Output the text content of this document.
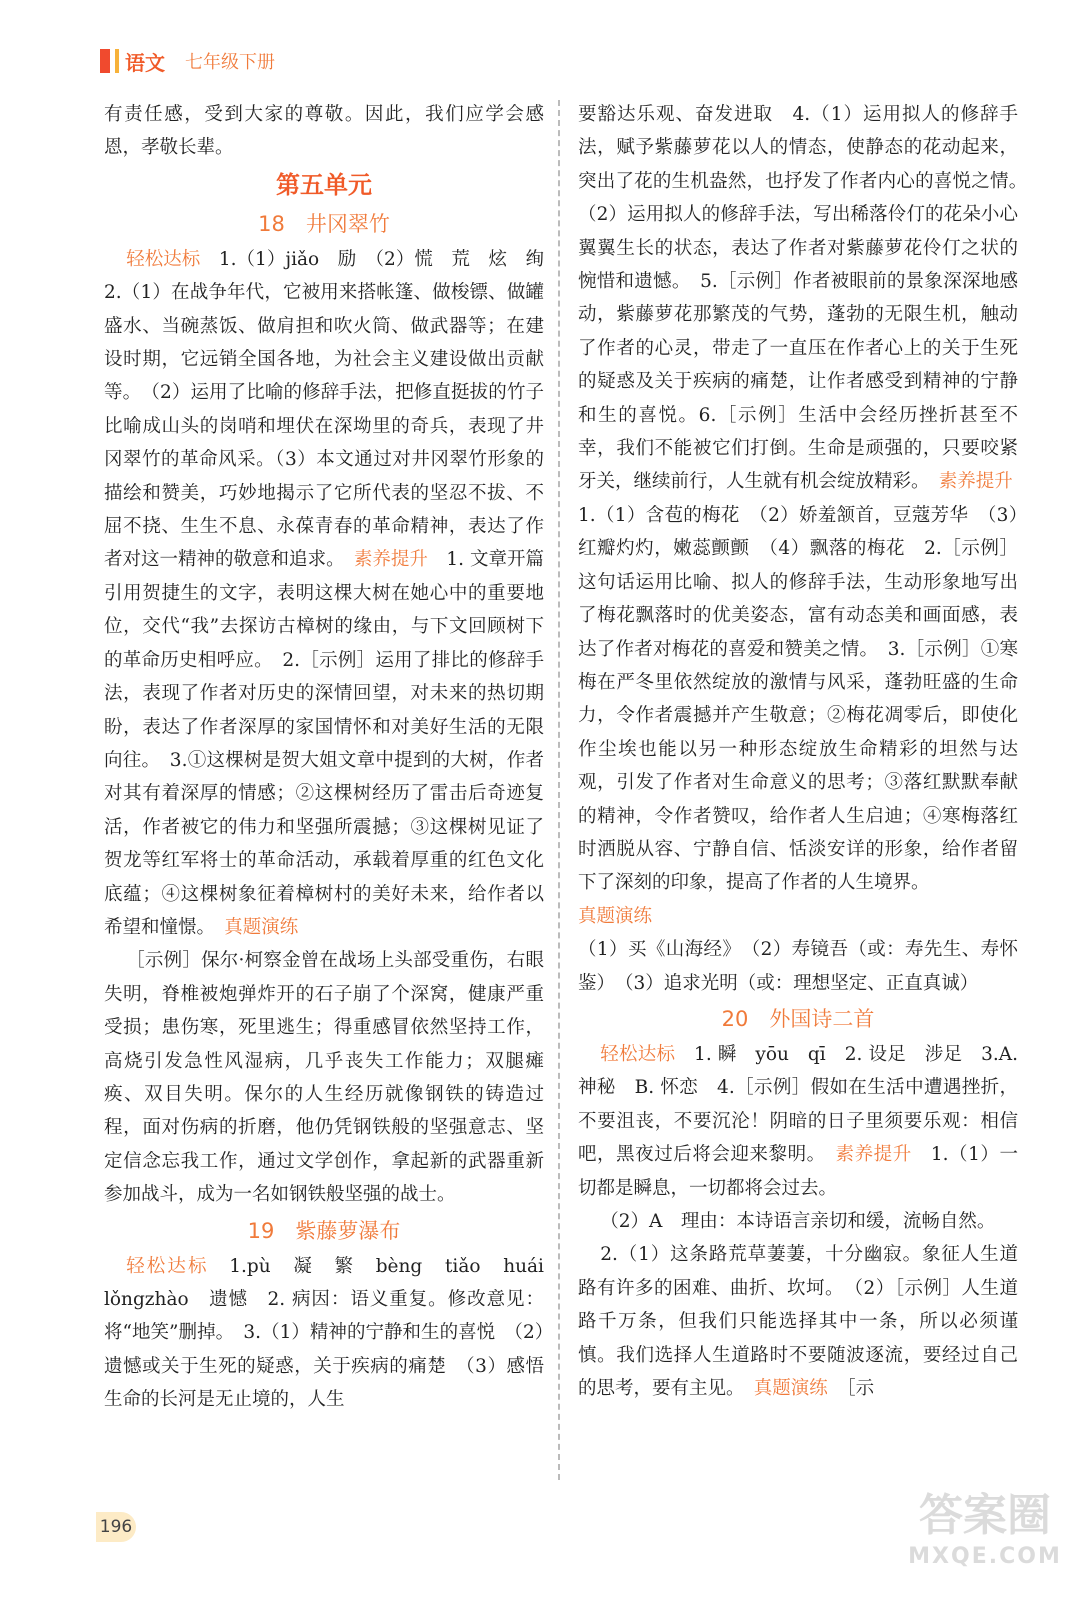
语文 七年级下册

有责任感，受到大家的尊敬。因此，我们应学会感恩，孝敬长辈。

第五单元
18　井冈翠竹

轻松达标　 1.（1）jiǎo　励　（2）慌　荒　炫　绚　2.（1）在战争年代，它被用来搭帐篷、做梭镖、做罐盛水、当碗蒸饭、做肩担和吹火筒、做武器等；在建设时期，它远销全国各地，为社会主义建设做出贡献等。　（2）运用了比喻的修辞手法，把修直挺拔的竹子比喻成山头的岗哨和埋伏在深坳里的奇兵，表现了井冈翠竹的革命风采。（3）本文通过对井冈翠竹形象的描绘和赞美，巧妙地揭示了它所代表的坚忍不拔、不屈不挠、生生不息、永葆青春的革命精神，表达了作者对这一精神的敬意和追求。　 素养提升　 1. 文章开篇引用贺捷生的文字，表明这棵大树在她心中的重要地位，交代“我”去探访古樟树的缘由，与下文回顾树下的革命历史相呼应。　2.［示例］运用了排比的修辞手法，表现了作者对历史的深情回望，对未来的热切期盼，表达了作者深厚的家国情怀和对美好生活的无限向往。　3.①这棵树是贺大姐文章中提到的大树，作者对其有着深厚的情感；②这棵树经历了雷击后奇迹复活，作者被它的伟力和坚强所震撼；③这棵树见证了贺龙等红军将士的革命活动，承载着厚重的红色文化底蕴；④这棵树象征着樟树村的美好未来，给作者以希望和憧憬。　 真题演练

［示例］保尔·柯察金曾在战场上头部受重伤，右眼失明，脊椎被炮弹炸开的石子崩了个深窝，健康严重受损；患伤寒，死里逃生；得重感冒依然坚持工作，高烧引发急性风湿病，几乎丧失工作能力；双腿瘫痪、双目失明。保尔的人生经历就像钢铁的铸造过程，面对伤病的折磨，他仍凭钢铁般的坚强意志、坚定信念忘我工作，通过文学创作，拿起新的武器重新参加战斗，成为一名如钢铁般坚强的战士。

19　紫藤萝瀑布

轻松达标　 1.pù　凝　繁　bèng　tiǎo　huái　lǒngzhào　遗憾　2. 病因：语义重复。修改意见：将“地笑”删掉。　3.（1）精神的宁静和生的喜悦　（2）遗憾或关于生死的疑惑，关于疾病的痛楚　（3）感悟生命的长河是无止境的，人生

要豁达乐观、奋发进取　4.（1）运用拟人的修辞手法，赋予紫藤萝花以人的情态，使静态的花动起来，突出了花的生机盎然，也抒发了作者内心的喜悦之情。　（2）运用拟人的修辞手法，写出稀落伶仃的花朵小心翼翼生长的状态，表达了作者对紫藤萝花伶仃之状的惋惜和遗憾。　5.［示例］作者被眼前的景象深深地感动，紫藤萝花那繁茂的气势，蓬勃的无限生机，触动了作者的心灵，带走了一直压在作者心上的关于生死的疑惑及关于疾病的痛楚，让作者感受到精神的宁静和生的喜悦。6.［示例］生活中会经历挫折甚至不幸，我们不能被它们打倒。生命是顽强的，只要咬紧牙关，继续前行，人生就有机会绽放精彩。　 素养提升

1.（1）含苞的梅花　（2）娇羞颔首，豆蔻芳华　（3）红瓣灼灼，嫩蕊颤颤　（4）飘落的梅花　2.［示例］这句话运用比喻、拟人的修辞手法，生动形象地写出了梅花飘落时的优美姿态，富有动态美和画面感，表达了作者对梅花的喜爱和赞美之情。　3.［示例］①寒梅在严冬里依然绽放的激情与风采，蓬勃旺盛的生命力，令作者震撼并产生敬意；②梅花凋零后，即使化作尘埃也能以另一种形态绽放生命精彩的坦然与达观，引发了作者对生命意义的思考；③落红默默奉献的精神，令作者赞叹，给作者人生启迪；④寒梅落红时洒脱从容、宁静自信、恬淡安详的形象，给作者留下了深刻的印象，提高了作者的人生境界。

真题演练

（1）买《山海经》　（2）寿镜吾（或：寿先生、寿怀鉴）　（3）追求光明（或：理想坚定、正直真诚）

20　外国诗二首

轻松达标　 1. 瞬　yōu　qī　2. 设足　涉足　3.A. 神秘　B. 怀恋　4.［示例］假如在生活中遭遇挫折，不要沮丧，不要沉沦！阴暗的日子里须要乐观：相信吧，黑夜过后将会迎来黎明。　 素养提升　 1.（1）一切都是瞬息，一切都将会过去。

（2）A　理由：本诗语言亲切和缓，流畅自然。

2.（1）这条路荒草萋萋，十分幽寂。象征人生道路有许多的困难、曲折、坎坷。　（2）［示例］人生道路千万条，但我们只能选择其中一条，所以必须谨慎。我们选择人生道路时不要随波逐流，要经过自己的思考，要有主见。　 真题演练　 ［示

196	答案圈
MXQE.COM
